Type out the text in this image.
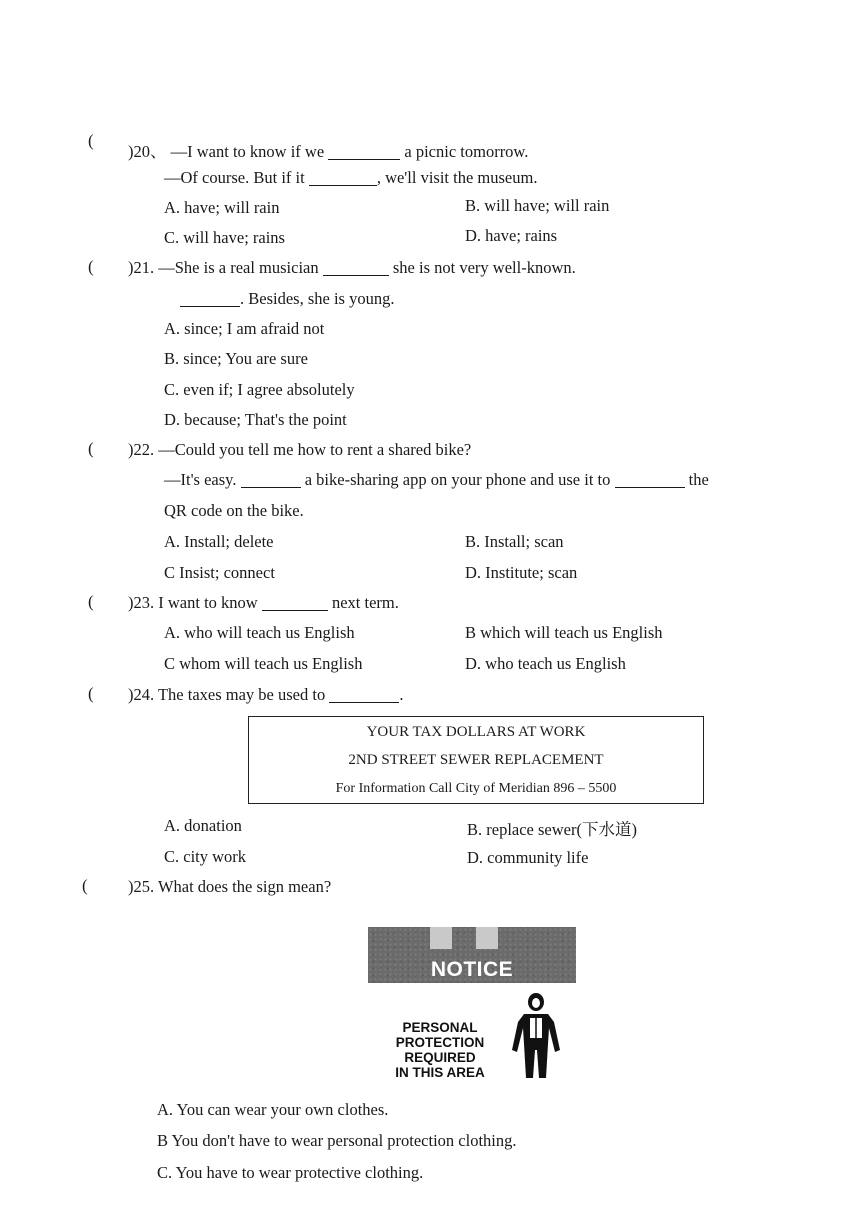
(
)20、 —I want to know if we	a picnic tomorrow.
—Of course. But if it	, we'll visit the museum.
A. have; will rain	B. will have; will rain
C. will have; rains	D. have; rains
( )21. —She is a real musician	she is not very well-known.
. Besides, she is young.
A. since; I am afraid not
B. since; You are sure
C. even if; I agree absolutely
D. because; That's the point
( )22. —Could you tell me how to rent a shared bike?
—It's easy.	a bike-sharing app on your phone and use it to	the
QR code on the bike.
A. Install; delete	B. Install; scan
C Insist; connect	D. Institute; scan
( )23. I want to know	next term.
A. who will teach us English	B which will teach us English
C whom will teach us English	D. who teach us English
( )24. The taxes may be used to	.
YOUR TAX DOLLARS AT WORK
2ND STREET SEWER REPLACEMENT
For Information Call City of Meridian 896 – 5500
A. donation	B. replace sewer(下水道)
C. city work	D. community life
( )25. What does the sign mean?
NOTICE
PERSONAL
PROTECTION
REQUIRED
IN THIS AREA
A. You can wear your own clothes.
B You don't have to wear personal protection clothing.
C. You have to wear protective clothing.
